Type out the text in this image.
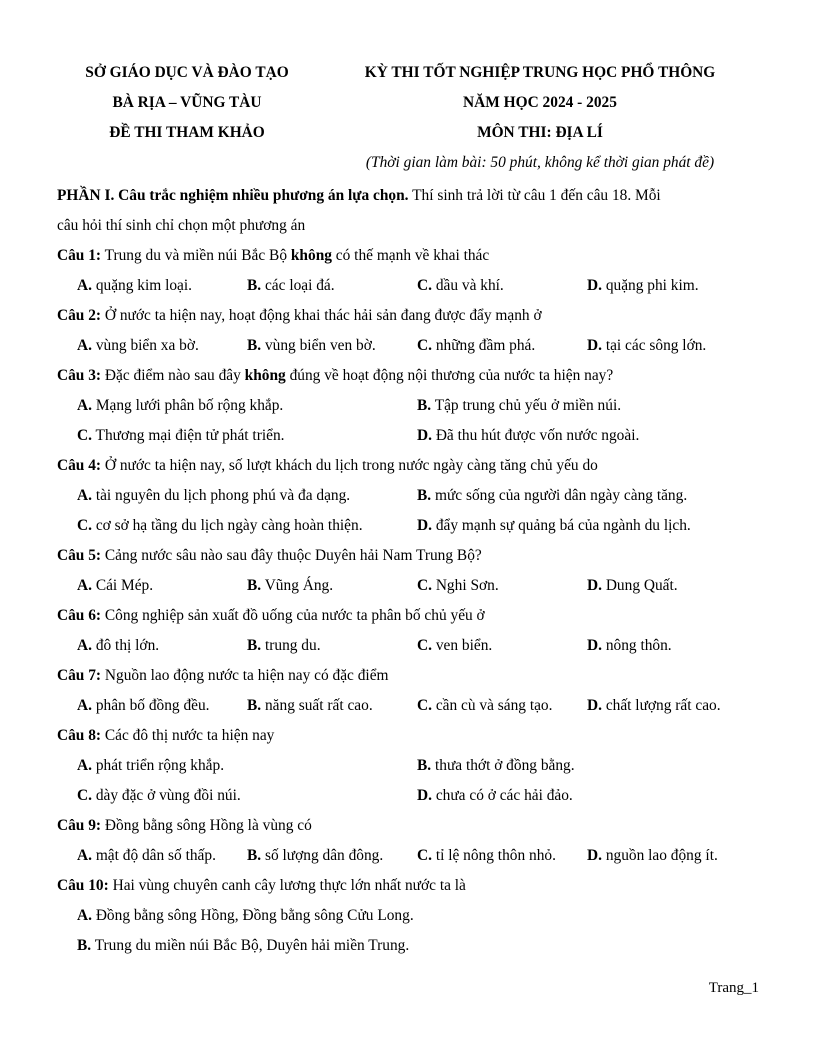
SỞ GIÁO DỤC VÀ ĐÀO TẠO
BÀ RỊA – VŨNG TÀU
ĐỀ THI THAM KHẢO
KỲ THI TỐT NGHIỆP TRUNG HỌC PHỔ THÔNG
NĂM HỌC 2024 - 2025
MÔN THI: ĐỊA LÍ
(Thời gian làm bài: 50 phút, không kể thời gian phát đề)
PHẦN I. Câu trắc nghiệm nhiều phương án lựa chọn. Thí sinh trả lời từ câu 1 đến câu 18. Mỗi
câu hỏi thí sinh chỉ chọn một phương án
Câu 1: Trung du và miền núi Bắc Bộ không có thế mạnh về khai thác
A. quặng kim loại.	B. các loại đá.	C. dầu và khí.	D. quặng phi kim.
Câu 2: Ở nước ta hiện nay, hoạt động khai thác hải sản đang được đẩy mạnh ở
A. vùng biển xa bờ.	B. vùng biển ven bờ.	C. những đầm phá.	D. tại các sông lớn.
Câu 3: Đặc điểm nào sau đây không đúng về hoạt động nội thương của nước ta hiện nay?
A. Mạng lưới phân bố rộng khắp.	B. Tập trung chủ yếu ở miền núi.
C. Thương mại điện tử phát triển.	D. Đã thu hút được vốn nước ngoài.
Câu 4: Ở nước ta hiện nay, số lượt khách du lịch trong nước ngày càng tăng chủ yếu do
A. tài nguyên du lịch phong phú và đa dạng.	B. mức sống của người dân ngày càng tăng.
C. cơ sở hạ tầng du lịch ngày càng hoàn thiện.	D. đẩy mạnh sự quảng bá của ngành du lịch.
Câu 5: Cảng nước sâu nào sau đây thuộc Duyên hải Nam Trung Bộ?
A. Cái Mép.	B. Vũng Áng.	C. Nghi Sơn.	D. Dung Quất.
Câu 6: Công nghiệp sản xuất đồ uống của nước ta phân bố chủ yếu ở
A. đô thị lớn.	B. trung du.	C. ven biển.	D. nông thôn.
Câu 7: Nguồn lao động nước ta hiện nay có đặc điểm
A. phân bố đồng đều.	B. năng suất rất cao.	C. cần cù và sáng tạo.	D. chất lượng rất cao.
Câu 8: Các đô thị nước ta hiện nay
A. phát triển rộng khắp.	B. thưa thớt ở đồng bằng.
C. dày đặc ở vùng đồi núi.	D. chưa có ở các hải đảo.
Câu 9: Đồng bằng sông Hồng là vùng có
A. mật độ dân số thấp.	B. số lượng dân đông.	C. tỉ lệ nông thôn nhỏ.	D. nguồn lao động ít.
Câu 10: Hai vùng chuyên canh cây lương thực lớn nhất nước ta là
A. Đồng bằng sông Hồng, Đồng bằng sông Cửu Long.
B. Trung du miền núi Bắc Bộ, Duyên hải miền Trung.
Trang_1
